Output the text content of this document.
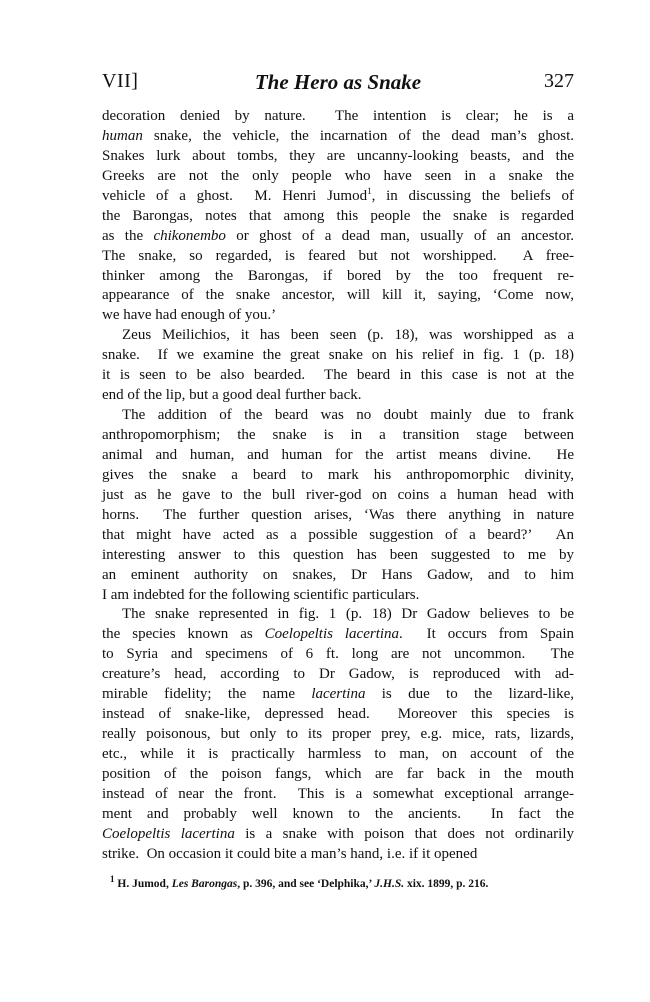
VII]	The Hero as Snake	327
decoration denied by nature.  The intention is clear; he is a
human snake, the vehicle, the incarnation of the dead man’s ghost.
Snakes lurk about tombs, they are uncanny-looking beasts, and the
Greeks are not the only people who have seen in a snake the
vehicle of a ghost.  M. Henri Jumod$^1$, in discussing the beliefs of
the Barongas, notes that among this people the snake is regarded
as the chikonembo or ghost of a dead man, usually of an ancestor.
The snake, so regarded, is feared but not worshipped.  A free-
thinker among the Barongas, if bored by the too frequent re-
appearance of the snake ancestor, will kill it, saying, ‘Come now,
we have had enough of you.’
Zeus Meilichios, it has been seen (p. 18), was worshipped as a
snake.  If we examine the great snake on his relief in fig. 1 (p. 18)
it is seen to be also bearded.  The beard in this case is not at the
end of the lip, but a good deal further back.
The addition of the beard was no doubt mainly due to frank
anthropomorphism; the snake is in a transition stage between
animal and human, and human for the artist means divine.  He
gives the snake a beard to mark his anthropomorphic divinity,
just as he gave to the bull river-god on coins a human head with
horns.  The further question arises, ‘Was there anything in nature
that might have acted as a possible suggestion of a beard?’  An
interesting answer to this question has been suggested to me by
an eminent authority on snakes, Dr Hans Gadow, and to him
I am indebted for the following scientific particulars.
The snake represented in fig. 1 (p. 18) Dr Gadow believes to be
the species known as Coelopeltis lacertina.  It occurs from Spain
to Syria and specimens of 6 ft. long are not uncommon.  The
creature’s head, according to Dr Gadow, is reproduced with ad-
mirable fidelity; the name lacertina is due to the lizard-like,
instead of snake-like, depressed head.  Moreover this species is
really poisonous, but only to its proper prey, e.g. mice, rats, lizards,
etc., while it is practically harmless to man, on account of the
position of the poison fangs, which are far back in the mouth
instead of near the front.  This is a somewhat exceptional arrange-
ment and probably well known to the ancients.  In fact the
Coelopeltis lacertina is a snake with poison that does not ordinarily
strike.  On occasion it could bite a man’s hand, i.e. if it opened
$^1$ H. Jumod, Les Barongas, p. 396, and see ‘Delphika,’ J.H.S. xix. 1899, p. 216.
